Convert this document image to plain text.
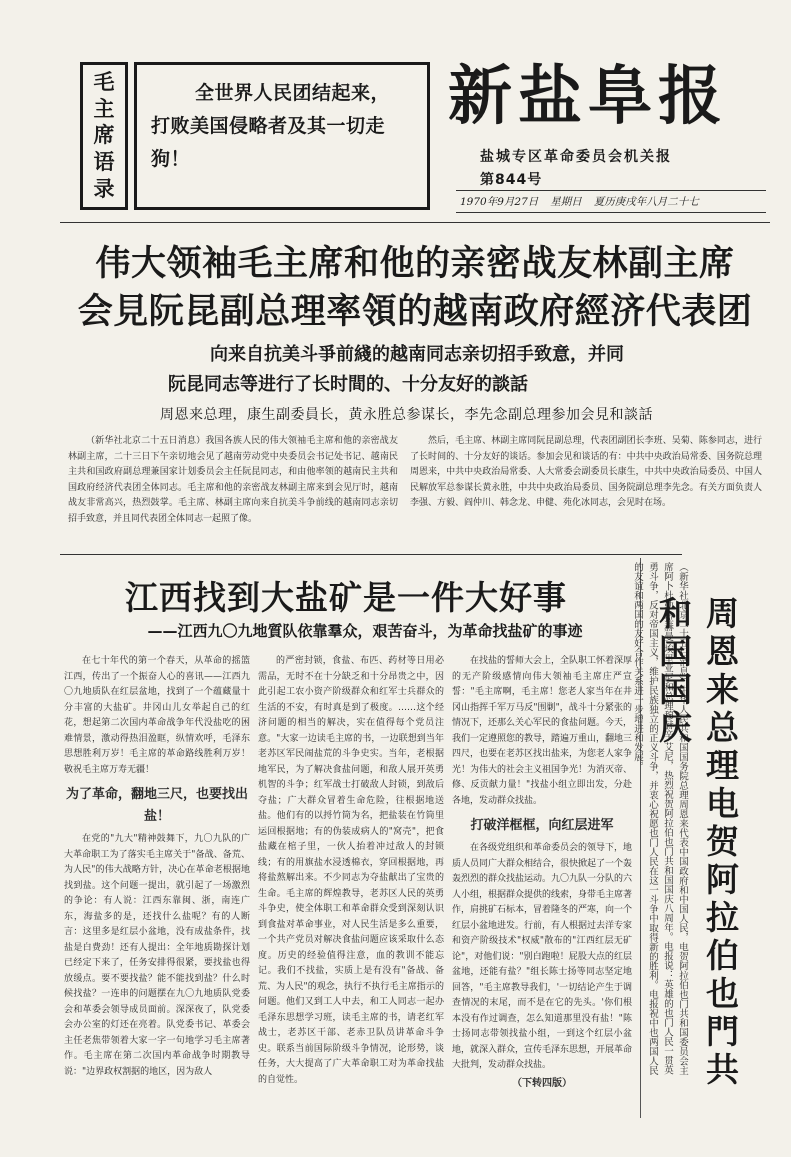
毛
主
席
语
录
全世界人民团结起来，
打败美国侵略者及其一切走
狗！
新盐阜报
盐城专区革命委员会机关报
第844号
1970年9月27日 星期日 夏历庚戌年八月二十七
伟大领袖毛主席和他的亲密战友林副主席
会見阮昆副总理率領的越南政府經济代表团
向来自抗美斗爭前綫的越南同志亲切招手致意，并同
阮昆同志等进行了长时間的、十分友好的談話
周恩来总理，康生副委員长，黄永胜总参谋长，李先念副总理参加会見和談話

（新华社北京二十五日消息）我国各族人民的伟大领袖毛主席和他的亲密战友林副主席，二十三日下午亲切地会见了越南劳动党中央委员会书记处书记、越南民主共和国政府副总理兼国家计划委员会主任阮昆同志，和由他率领的越南民主共和国政府经济代表团全体同志。毛主席和他的亲密战友林副主席来到会见厅时，越南战友非常高兴，热烈鼓掌。毛主席、林副主席向来自抗美斗争前线的越南同志亲切招手致意，并且同代表团全体同志一起照了像。

然后，毛主席、林副主席同阮昆副总理，代表团副团长李班、吴菊、陈参同志，进行了长时间的、十分友好的谈话。参加会见和谈话的有：中共中央政治局常委、国务院总理周恩来，中共中央政治局常委、人大常委会副委员长康生，中共中央政治局委员、中国人民解放军总参谋长黄永胜，中共中央政治局委员、国务院副总理李先念。有关方面负责人李强、方毅、阎仲川、韩念龙、申健、苑化冰同志，会见时在场。

江西找到大盐矿是一件大好事
——江西九〇九地質队依靠羣众，艰苦奋斗，为革命找盐矿的事迹

在七十年代的第一个春天，从革命的摇篮江西，传出了一个振奋人心的喜讯——江西九〇九地质队在红层盆地，找到了一个蕴藏量十分丰富的大盐矿。井冈山儿女举起自己的红花，想起第二次国内革命战争年代没盐吃的困难情景，激动得热泪盈眶，纵情欢呼，毛泽东思想胜利万岁！毛主席的革命路线胜利万岁！敬祝毛主席万寿无疆！

为了革命，翻地三尺，也要找出盐！

在党的"九大"精神鼓舞下，九〇九队的广大革命职工为了落实毛主席关于"备战、备荒、为人民"的伟大战略方针，决心在革命老根据地找到盐。这个问题一提出，就引起了一场激烈的争论：有人说：江西东靠闽、浙，南连广东，海盐多的是，还找什么盐呢？有的人断言：这里多是红层小盆地，没有成盐条件，找盐是白费劲！还有人提出：全年地质勘探计划已经定下来了，任务安排得很紧，要找盐也得放缓点。要不要找盐？能不能找到盐？什么时候找盐？一连串的问题摆在九〇九地质队党委会和革委会领导成员面前。深深夜了，队党委会办公室的灯还在亮着。队党委书记、革委会主任老焦带领着大家一字一句地学习毛主席著作。毛主席在第二次国内革命战争时期教导说："边界政权割据的地区，因为敌人

的严密封锁，食盐、布匹、药材等日用必需品，无时不在十分缺乏和十分昂贵之中，因此引起工农小资产阶级群众和红军士兵群众的生活的不安，有时真是到了极度。……这个经济问题的相当的解决，实在值得每个党员注意。"大家一边读毛主席的书，一边联想到当年老苏区军民闹盐荒的斗争史实。当年，老根据地军民，为了解决食盐问题，和敌人展开英勇机智的斗争；红军战士打破敌人封锁，到敌后夺盐；广大群众冒着生命危险，往根据地送盐。他们有的以捋竹筒为名，把盐装在竹筒里运回根据地；有的伪装成病人的"窝壳"，把食盐藏在棺子里，一伙人抬着冲过敌人的封锁线；有的用旗盐水浸透棉衣，穿回根据地，再将盐熬解出来。不少同志为夺盐献出了宝贵的生命。毛主席的辉煌教导，老苏区人民的英勇斗争史，使全体职工和革命群众受到深刻认识到食盐对革命事业，对人民生活是多么重要，一个共产党员对解决食盐问题应该采取什么态度。历史的经验值得注意，血的教训不能忘记。我们不找盐，实质上是有没有"备战、备荒、为人民"的观念，执行不执行毛主席指示的问题。他们又到工人中去，和工人同志一起办毛泽东思想学习班，读毛主席的书，请老红军战士，老苏区干部、老赤卫队员讲革命斗争史。联系当前国际阶级斗争情况，论形势，谈任务，大大提高了广大革命职工对为革命找盐的自觉性。

在找盐的誓师大会上，全队职工怀着深厚的无产阶级感情向伟大领袖毛主席庄严宣誓："毛主席啊，毛主席！您老人家当年在井冈山指挥千军万马反"围剿"，战斗十分紧张的情况下，还那么关心军民的食盐问题。今天，我们一定遵照您的教导，踏遍万重山，翻地三四尺，也要在老苏区找出盐来，为您老人家争光！为伟大的社会主义祖国争光！为消灭帝、修、反贡献力量！"找盐小组立即出发，分赴各地，发动群众找盐。

打破洋框框，向红层进军

在各级党组织和革命委员会的领导下，地质人员同广大群众相结合，很快掀起了一个轰轰烈烈的群众找盐运动。九〇九队一分队的六人小组，根据群众提供的线索，身带毛主席著作，肩挑矿石标本，冒着隆冬的严寒，向一个红层小盆地进发。行前，有人根据过去洋专家和资产阶级技术"权威"散布的"江西红层无矿论"，对他们说："别白跑啦！屁股大点的红层盆地，还能有盐？"组长陈士扬等同志坚定地回答，"毛主席教导我们，'一切结论产生于调查情况的末尾，而不是在它的先头。'你们根本没有作过调查，怎么知道那里没有盐！"陈士扬同志带领找盐小组，一到这个红层小盆地，就深入群众，宣传毛泽东思想，开展革命大批判，发动群众找盐。

（下转四版）
（新华社北京二十五日消息）中华人民共和国国务院总理周恩来代表中国政府和中国人民，电贺阿拉伯也门共和国委员会主席阿卜杜勒·拉赫曼·埃里亚尼和总理穆赫辛·艾尼，热烈祝贺阿拉伯也门共和国国庆八周年。电报说：英雄的也门人民一贯英勇斗争，反对帝国主义，维护民族独立的正义斗争，并衷心祝愿也门人民在这一斗争中取得新的胜利。电报祝中也两国人民的友谊和两国的友好合作关系进一步增进和发展。	周恩来总理电贺阿拉伯也門共和国国庆
